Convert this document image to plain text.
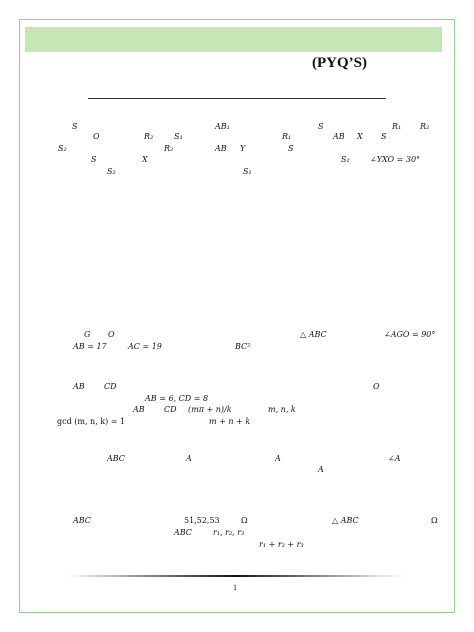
(PYQ’S)
S	AB₁	S	R₁ R₂
O	R₂	S₁	R₁	AB X S
S₂	R₂	AB Y	S
S	X	S₂	∠YXO = 30°
S₂	S₁
G O	△ ABC	∠AGO = 90°
AB = 17	AC = 19	BC²
AB CD	O
AB = 6, CD = 8
AB CD (mπ + n)/k	m, n, k
gcd (m, n, k) = 1	m + n + k
ABC	A	A	∠A
A
ABC	51,52,53	Ω	△ ABC	Ω
ABC	r₁, r₂, r₃
r₁ + r₂ + r₃
1
